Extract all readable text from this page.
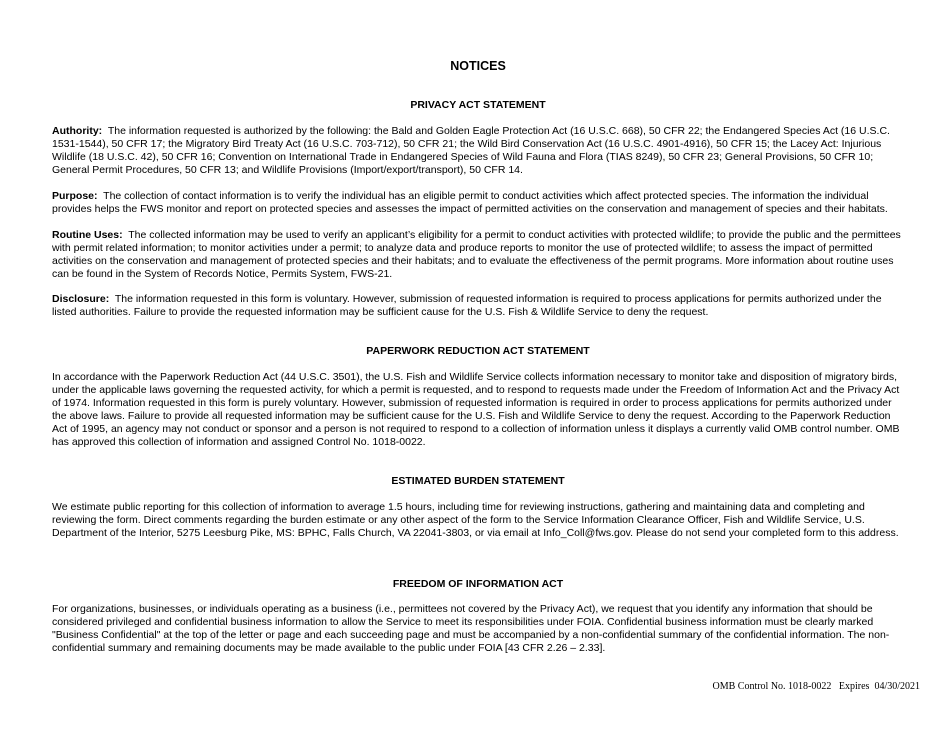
NOTICES
PRIVACY ACT STATEMENT

Authority: The information requested is authorized by the following: the Bald and Golden Eagle Protection Act (16 U.S.C. 668), 50 CFR 22; the Endangered Species Act (16 U.S.C. 1531-1544), 50 CFR 17; the Migratory Bird Treaty Act (16 U.S.C. 703-712), 50 CFR 21; the Wild Bird Conservation Act (16 U.S.C. 4901-4916), 50 CFR 15; the Lacey Act: Injurious Wildlife (18 U.S.C. 42), 50 CFR 16; Convention on International Trade in Endangered Species of Wild Fauna and Flora (TIAS 8249), 50 CFR 23; General Provisions, 50 CFR 10; General Permit Procedures, 50 CFR 13; and Wildlife Provisions (Import/export/transport), 50 CFR 14.

Purpose: The collection of contact information is to verify the individual has an eligible permit to conduct activities which affect protected species. The information the individual provides helps the FWS monitor and report on protected species and assesses the impact of permitted activities on the conservation and management of species and their habitats.

Routine Uses: The collected information may be used to verify an applicant’s eligibility for a permit to conduct activities with protected wildlife; to provide the public and the permittees with permit related information; to monitor activities under a permit; to analyze data and produce reports to monitor the use of protected wildlife; to assess the impact of permitted activities on the conservation and management of protected species and their habitats; and to evaluate the effectiveness of the permit programs. More information about routine uses can be found in the System of Records Notice, Permits System, FWS-21.

Disclosure: The information requested in this form is voluntary. However, submission of requested information is required to process applications for permits authorized under the listed authorities. Failure to provide the requested information may be sufficient cause for the U.S. Fish & Wildlife Service to deny the request.

PAPERWORK REDUCTION ACT STATEMENT

In accordance with the Paperwork Reduction Act (44 U.S.C. 3501), the U.S. Fish and Wildlife Service collects information necessary to monitor take and disposition of migratory birds, under the applicable laws governing the requested activity, for which a permit is requested, and to respond to requests made under the Freedom of Information Act and the Privacy Act of 1974. Information requested in this form is purely voluntary. However, submission of requested information is required in order to process applications for permits authorized under the above laws. Failure to provide all requested information may be sufficient cause for the U.S. Fish and Wildlife Service to deny the request. According to the Paperwork Reduction Act of 1995, an agency may not conduct or sponsor and a person is not required to respond to a collection of information unless it displays a currently valid OMB control number. OMB has approved this collection of information and assigned Control No. 1018-0022.

ESTIMATED BURDEN STATEMENT

We estimate public reporting for this collection of information to average 1.5 hours, including time for reviewing instructions, gathering and maintaining data and completing and reviewing the form. Direct comments regarding the burden estimate or any other aspect of the form to the Service Information Clearance Officer, Fish and Wildlife Service, U.S. Department of the Interior, 5275 Leesburg Pike, MS: BPHC, Falls Church, VA 22041-3803, or via email at Info_Coll@fws.gov. Please do not send your completed form to this address.

FREEDOM OF INFORMATION ACT

For organizations, businesses, or individuals operating as a business (i.e., permittees not covered by the Privacy Act), we request that you identify any information that should be considered privileged and confidential business information to allow the Service to meet its responsibilities under FOIA. Confidential business information must be clearly marked "Business Confidential" at the top of the letter or page and each succeeding page and must be accompanied by a non-confidential summary of the confidential information. The non-confidential summary and remaining documents may be made available to the public under FOIA [43 CFR 2.26 – 2.33].

OMB Control No. 1018-0022 Expires  04/30/2021
